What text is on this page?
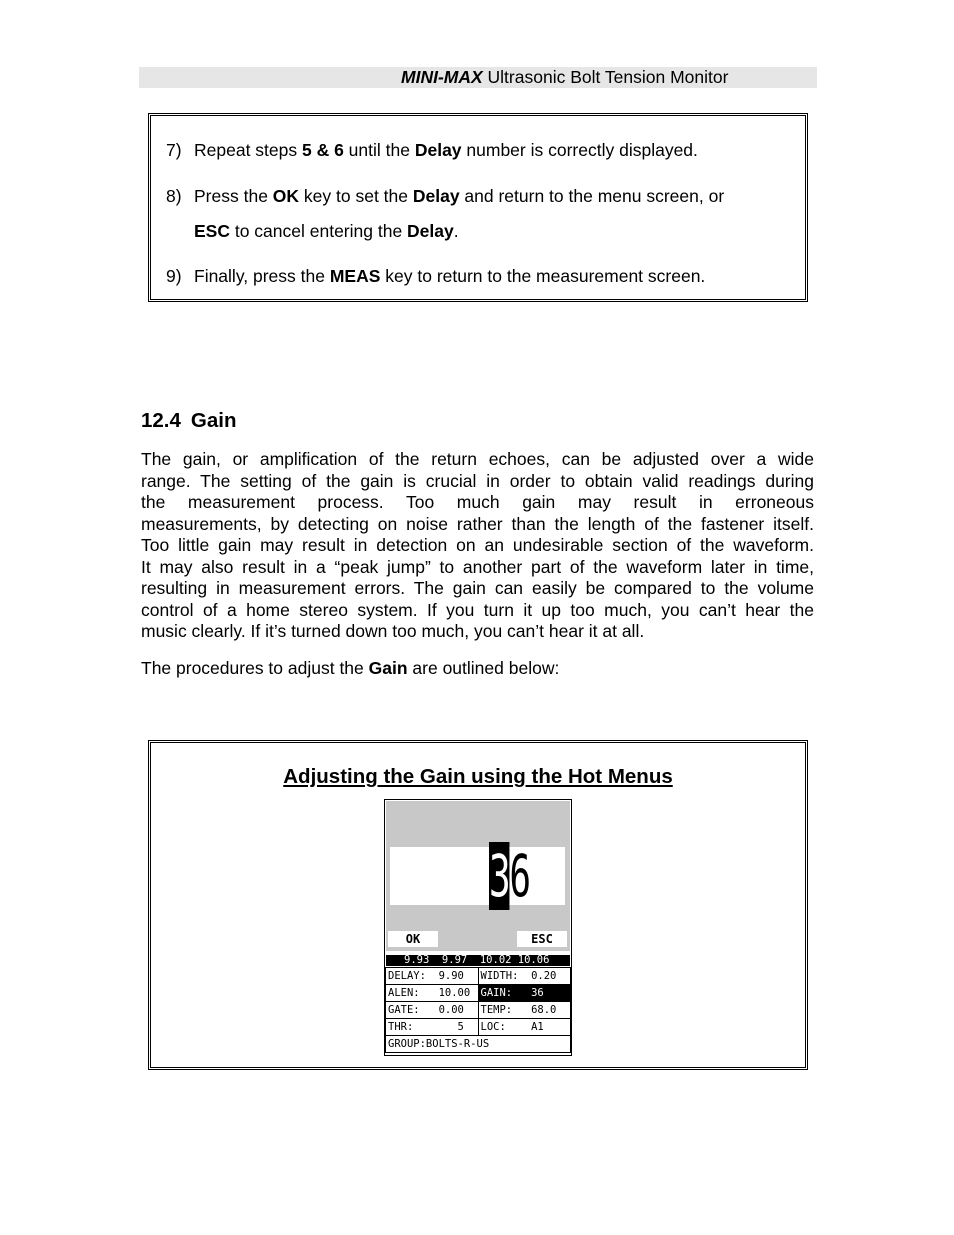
MINI-MAX Ultrasonic Bolt Tension Monitor
7) Repeat steps 5 & 6 until the Delay number is correctly displayed.
8) Press the OK key to set the Delay and return to the menu screen, or
ESC to cancel entering the Delay.
9) Finally, press the MEAS key to return to the measurement screen.
12.4 Gain
The gain, or amplification of the return echoes, can be adjusted over a wide
range. The setting of the gain is crucial in order to obtain valid readings during
the measurement process. Too much gain may result in erroneous
measurements, by detecting on noise rather than the length of the fastener itself.
Too little gain may result in detection on an undesirable section of the waveform.
It may also result in a “peak jump” to another part of the waveform later in time,
resulting in measurement errors. The gain can easily be compared to the volume
control of a home stereo system. If you turn it up too much, you can’t hear the
music clearly. If it’s turned down too much, you can’t hear it at all.
The procedures to adjust the Gain are outlined below:
Adjusting the Gain using the Hot Menus
36
OK	ESC
9.93  9.97  10.02 10.06
DELAY:  9.90	WIDTH:  0.20
ALEN:   10.00	GAIN:   36
GATE:   0.00	TEMP:   68.0
THR:       5	LOC:    A1
GROUP:BOLTS-R-US	
